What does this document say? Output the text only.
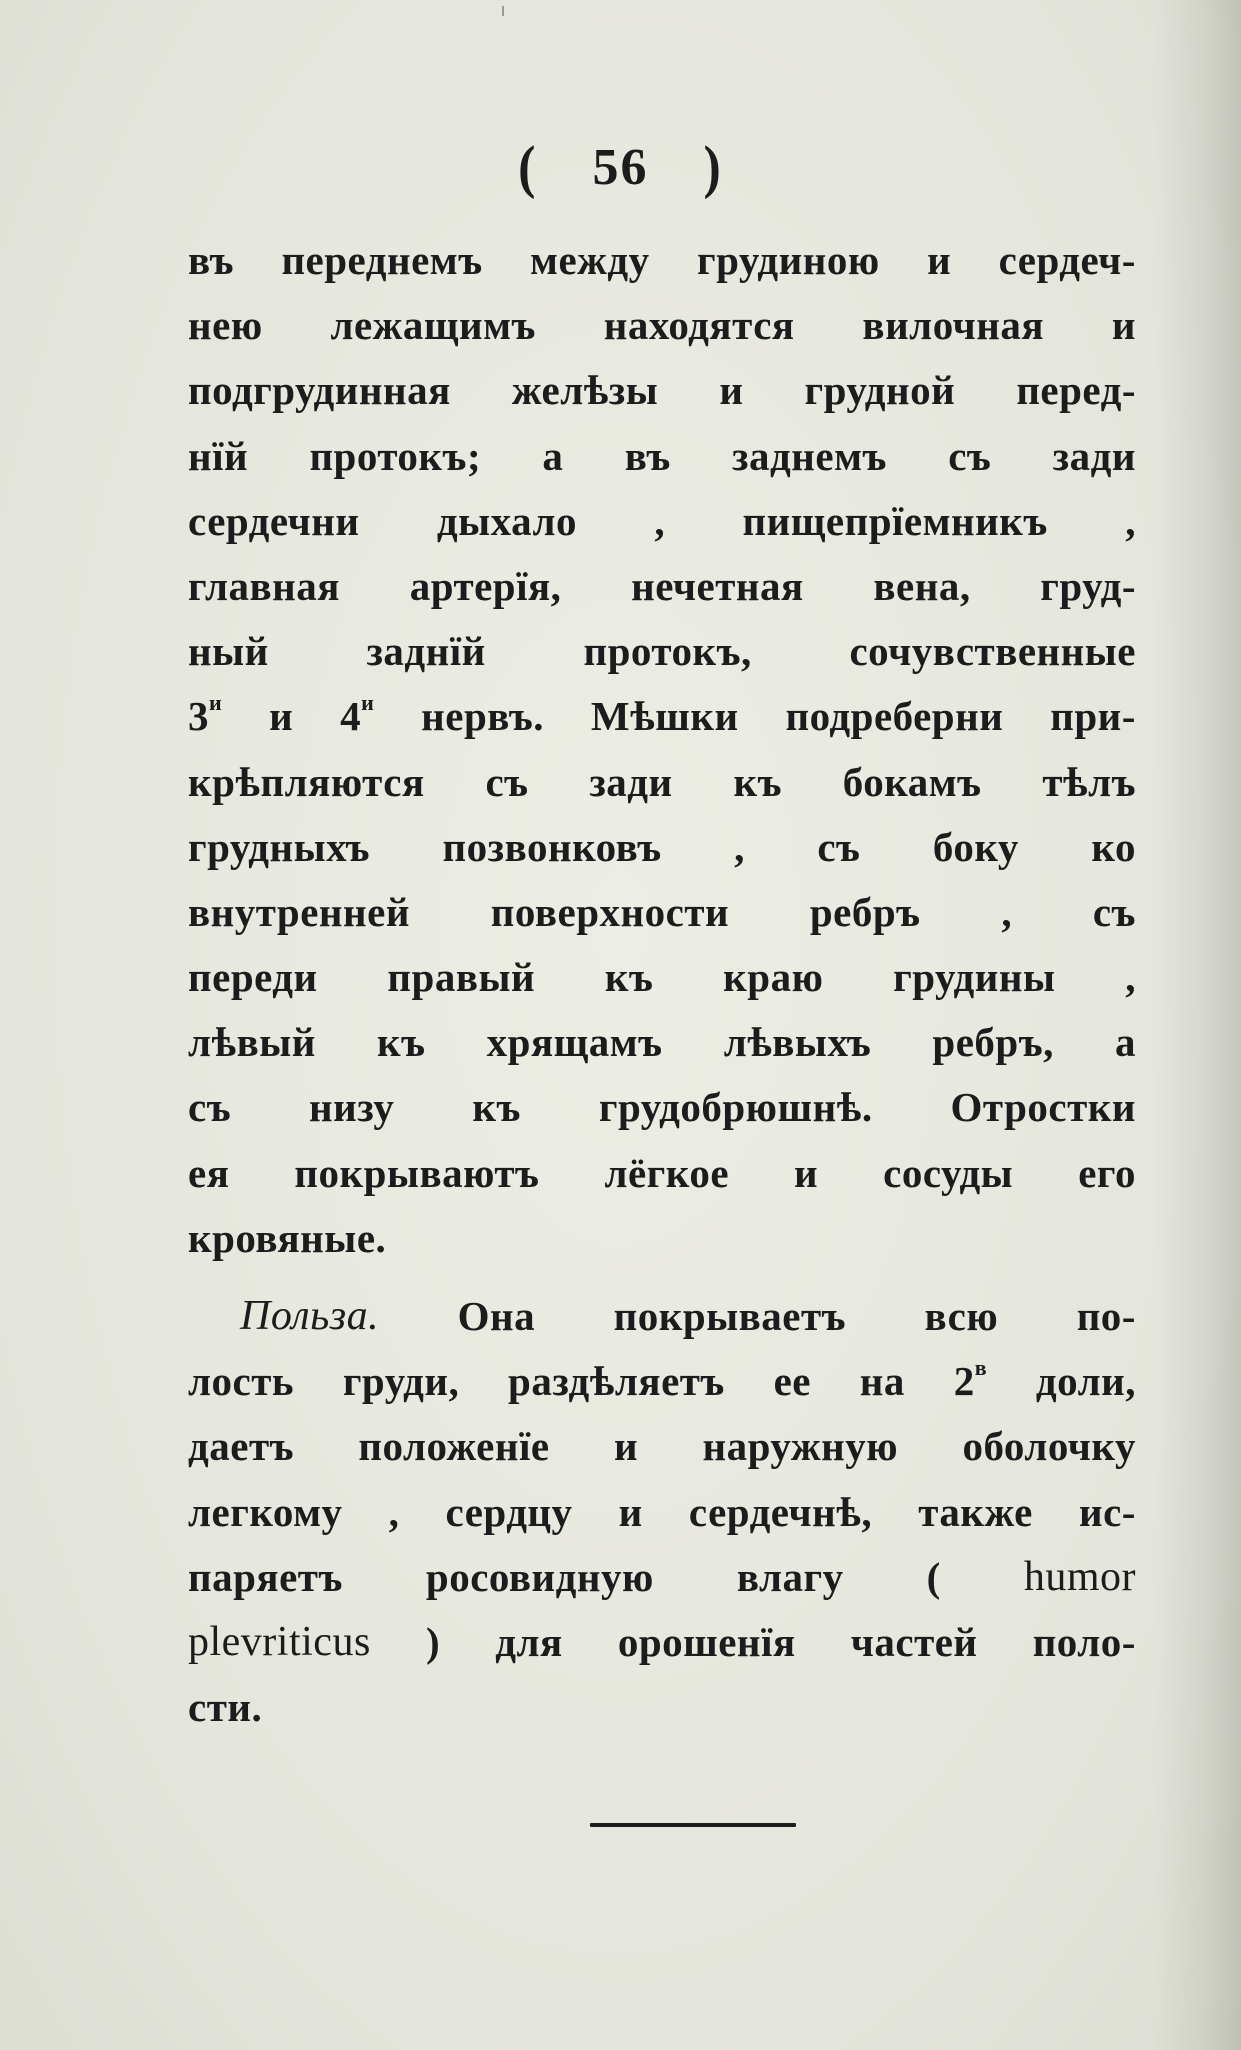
( 56 )
въ переднемъ между грудиною и сердеч-
нею лежащимъ находятся вилочная и
подгрудинная желѣзы и грудной перед-
нїй протокъ; а въ заднемъ съ зади
сердечни дыхало , пищепрїемникъ ,
главная артерїя, нечетная вена, груд-
ный заднїй протокъ, сочувственные
$3^и$ и $4^и$ нервъ. Мѣшки подреберни при-
крѣпляются съ зади къ бокамъ тѣлъ
грудныхъ позвонковъ , съ боку ко
внутренней поверхности ребръ , съ
переди правый къ краю грудины ,
лѣвый къ хрящамъ лѣвыхъ ребръ, а
съ низу къ грудобрюшнѣ. Отростки
ея покрываютъ лёгкое и сосуды его
кровяные.
Польза. Она покрываетъ всю по-
лость груди, раздѣляетъ ее на $2^в$ доли,
даетъ положенїе и наружную оболочку
легкому , сердцу и сердечнѣ, также ис-
паряетъ росовидную влагу ( humor
plevriticus ) для орошенїя частей поло-
сти.
